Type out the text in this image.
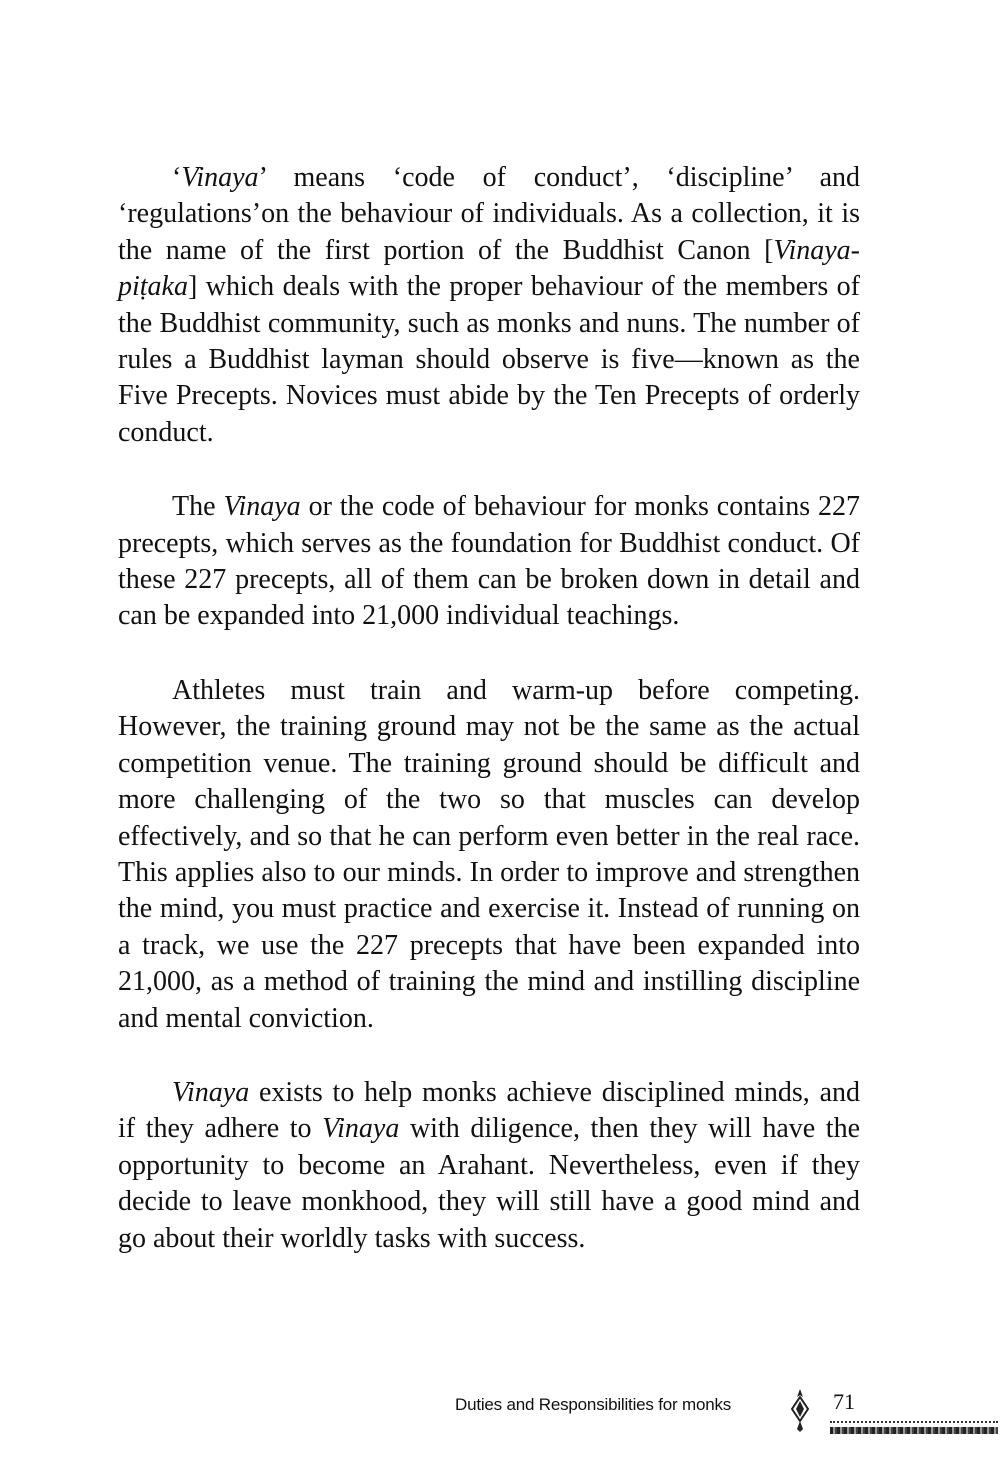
‘Vinaya’ means ‘code of conduct’, ‘discipline’ and ‘regulations’on the behaviour of individuals. As a collection, it is the name of the first portion of the Buddhist Canon [Vinaya-piṭaka] which deals with the proper behaviour of the members of the Buddhist community, such as monks and nuns. The number of rules a Buddhist layman should observe is five—known as the Five Precepts. Novices must abide by the Ten Precepts of orderly conduct.

The Vinaya or the code of behaviour for monks contains 227 precepts, which serves as the foundation for Buddhist conduct. Of these 227 precepts, all of them can be broken down in detail and can be expanded into 21,000 individual teachings.

Athletes must train and warm-up before competing. However, the training ground may not be the same as the actual competition venue. The training ground should be difficult and more challenging of the two so that muscles can develop effectively, and so that he can perform even better in the real race. This applies also to our minds. In order to improve and strengthen the mind, you must practice and exercise it. Instead of running on a track, we use the 227 precepts that have been expanded into 21,000, as a method of training the mind and instilling discipline and mental conviction.

Vinaya exists to help monks achieve disciplined minds, and if they adhere to Vinaya with diligence, then they will have the opportunity to become an Arahant. Nevertheless, even if they decide to leave monkhood, they will still have a good mind and go about their worldly tasks with success.

Duties and Responsibilities for monks	71
